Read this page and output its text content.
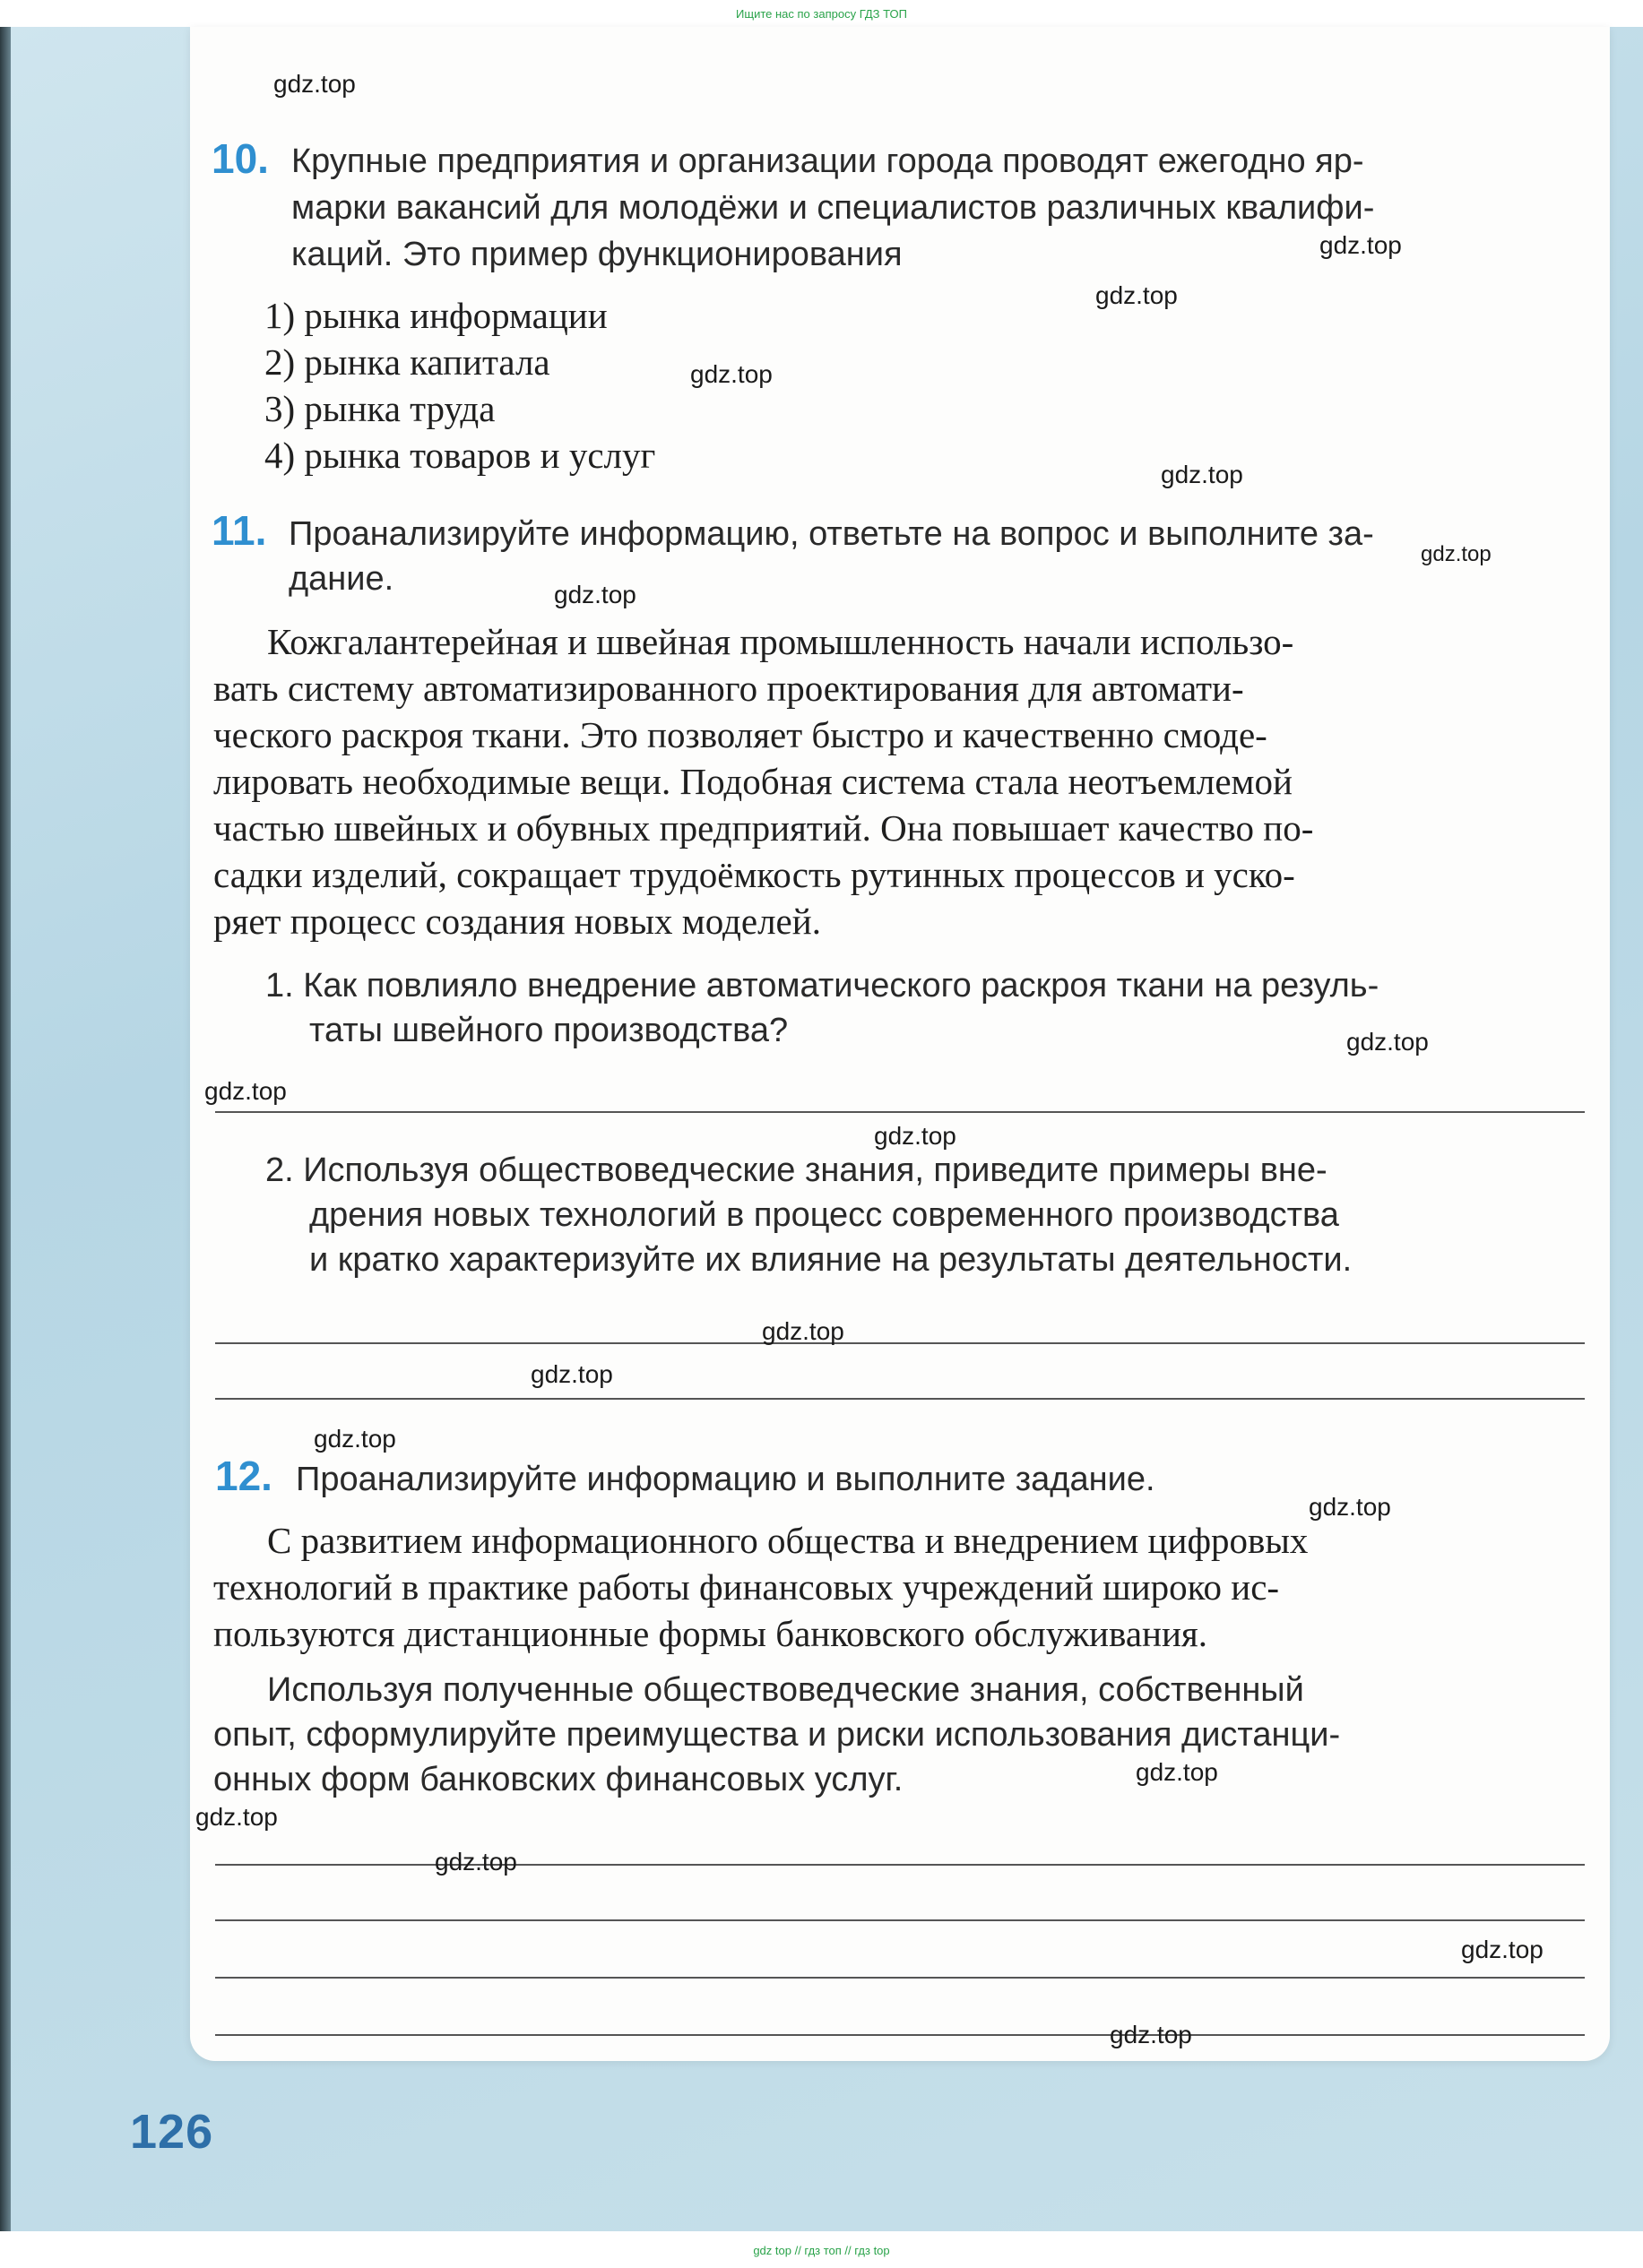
Ищите нас по запросу ГДЗ ТОП
gdz top // гдз топ // гдз top
10. Крупные предприятия и организации города проводят ежегодно яр-
марки вакансий для молодёжи и специалистов различных квалифи-
каций. Это пример функционирования
1) рынка информации
2) рынка капитала
3) рынка труда
4) рынка товаров и услуг
11. Проанализируйте информацию, ответьте на вопрос и выполните за-
дание.
Кожгалантерейная и швейная промышленность начали использо-
вать систему автоматизированного проектирования для автомати-
ческого раскроя ткани. Это позволяет быстро и качественно смоде-
лировать необходимые вещи. Подобная система стала неотъемлемой
частью швейных и обувных предприятий. Она повышает качество по-
садки изделий, сокращает трудоёмкость рутинных процессов и уско-
ряет процесс создания новых моделей.
1. Как повлияло внедрение автоматического раскроя ткани на резуль-
таты швейного производства?
2. Используя обществоведческие знания, приведите примеры вне-
дрения новых технологий в процесс современного производства
и кратко характеризуйте их влияние на результаты деятельности.
12. Проанализируйте информацию и выполните задание.
С развитием информационного общества и внедрением цифровых
технологий в практике работы финансовых учреждений широко ис-
пользуются дистанционные формы банковского обслуживания.
Используя полученные обществоведческие знания, собственный
опыт, сформулируйте преимущества и риски использования дистанци-
онных форм банковских финансовых услуг.
126
gdz.top
gdz.top
gdz.top
gdz.top
gdz.top
gdz.top
gdz.top
gdz.top
gdz.top
gdz.top
gdz.top
gdz.top
gdz.top
gdz.top
gdz.top
gdz.top
gdz.top
gdz.top
gdz.top
